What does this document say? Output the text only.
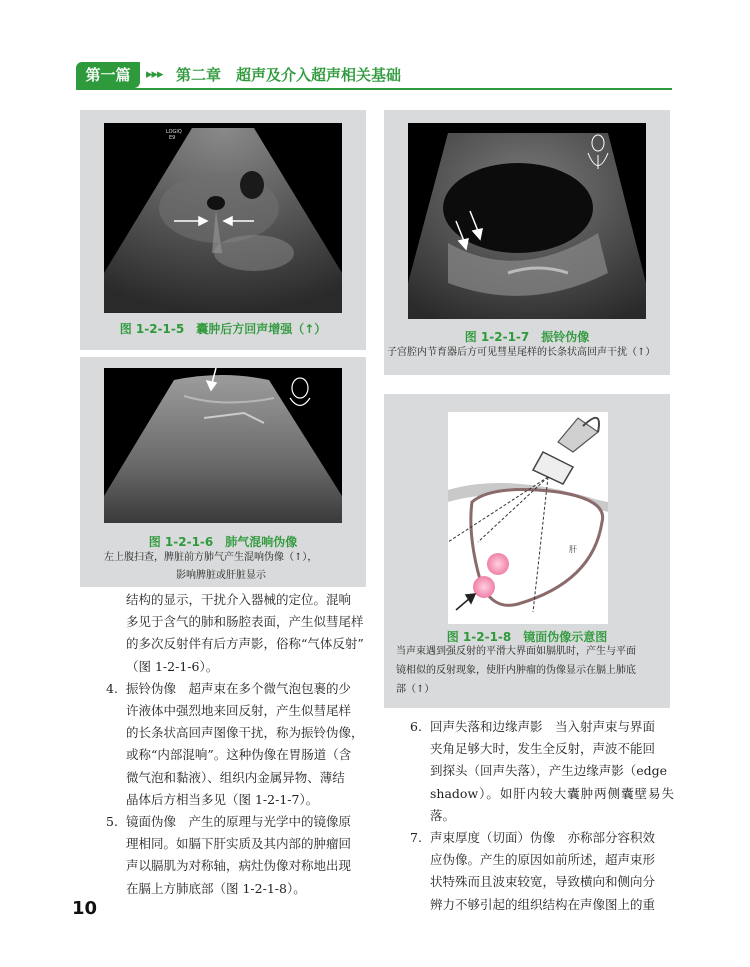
第一篇	▸▸▸ 第二章　超声及介入超声相关基础
LOGIQ
E9
图 1-2-1-5　囊肿后方回声增强（↑）
图 1-2-1-6　肺气混响伪像
左上腹扫查，脾脏前方肺气产生混响伪像（↑），
影响脾脏或肝脏显示
图 1-2-1-7　振铃伪像
子宫腔内节育器后方可见彗星尾样的长条状高回声干扰（↑）
肝
图 1-2-1-8　镜面伪像示意图
当声束遇到强反射的平滑大界面如膈肌时，产生与平面
镜相似的反射现象，使肝内肿瘤的伪像显示在膈上肺底
部（↑）
结构的显示，干扰介入器械的定位。混响
多见于含气的肺和肠腔表面，产生似彗尾样
的多次反射伴有后方声影，俗称“气体反射”
（图 1-2-1-6）。
4. 振铃伪像　超声束在多个微气泡包裹的少
许液体中强烈地来回反射，产生似彗尾样
的长条状高回声图像干扰，称为振铃伪像，
或称“内部混响”。这种伪像在胃肠道（含
微气泡和黏液）、组织内金属异物、薄结
晶体后方相当多见（图 1-2-1-7）。
5. 镜面伪像　产生的原理与光学中的镜像原
理相同。如膈下肝实质及其内部的肿瘤回
声以膈肌为对称轴，病灶伪像对称地出现
在膈上方肺底部（图 1-2-1-8）。
6. 回声失落和边缘声影　当入射声束与界面
夹角足够大时，发生全反射，声波不能回
到探头（回声失落），产生边缘声影（edge
shadow）。如肝内较大囊肿两侧囊壁易失落。
7. 声束厚度（切面）伪像　亦称部分容积效
应伪像。产生的原因如前所述，超声束形
状特殊而且波束较宽，导致横向和侧向分
辨力不够引起的组织结构在声像图上的重
10
